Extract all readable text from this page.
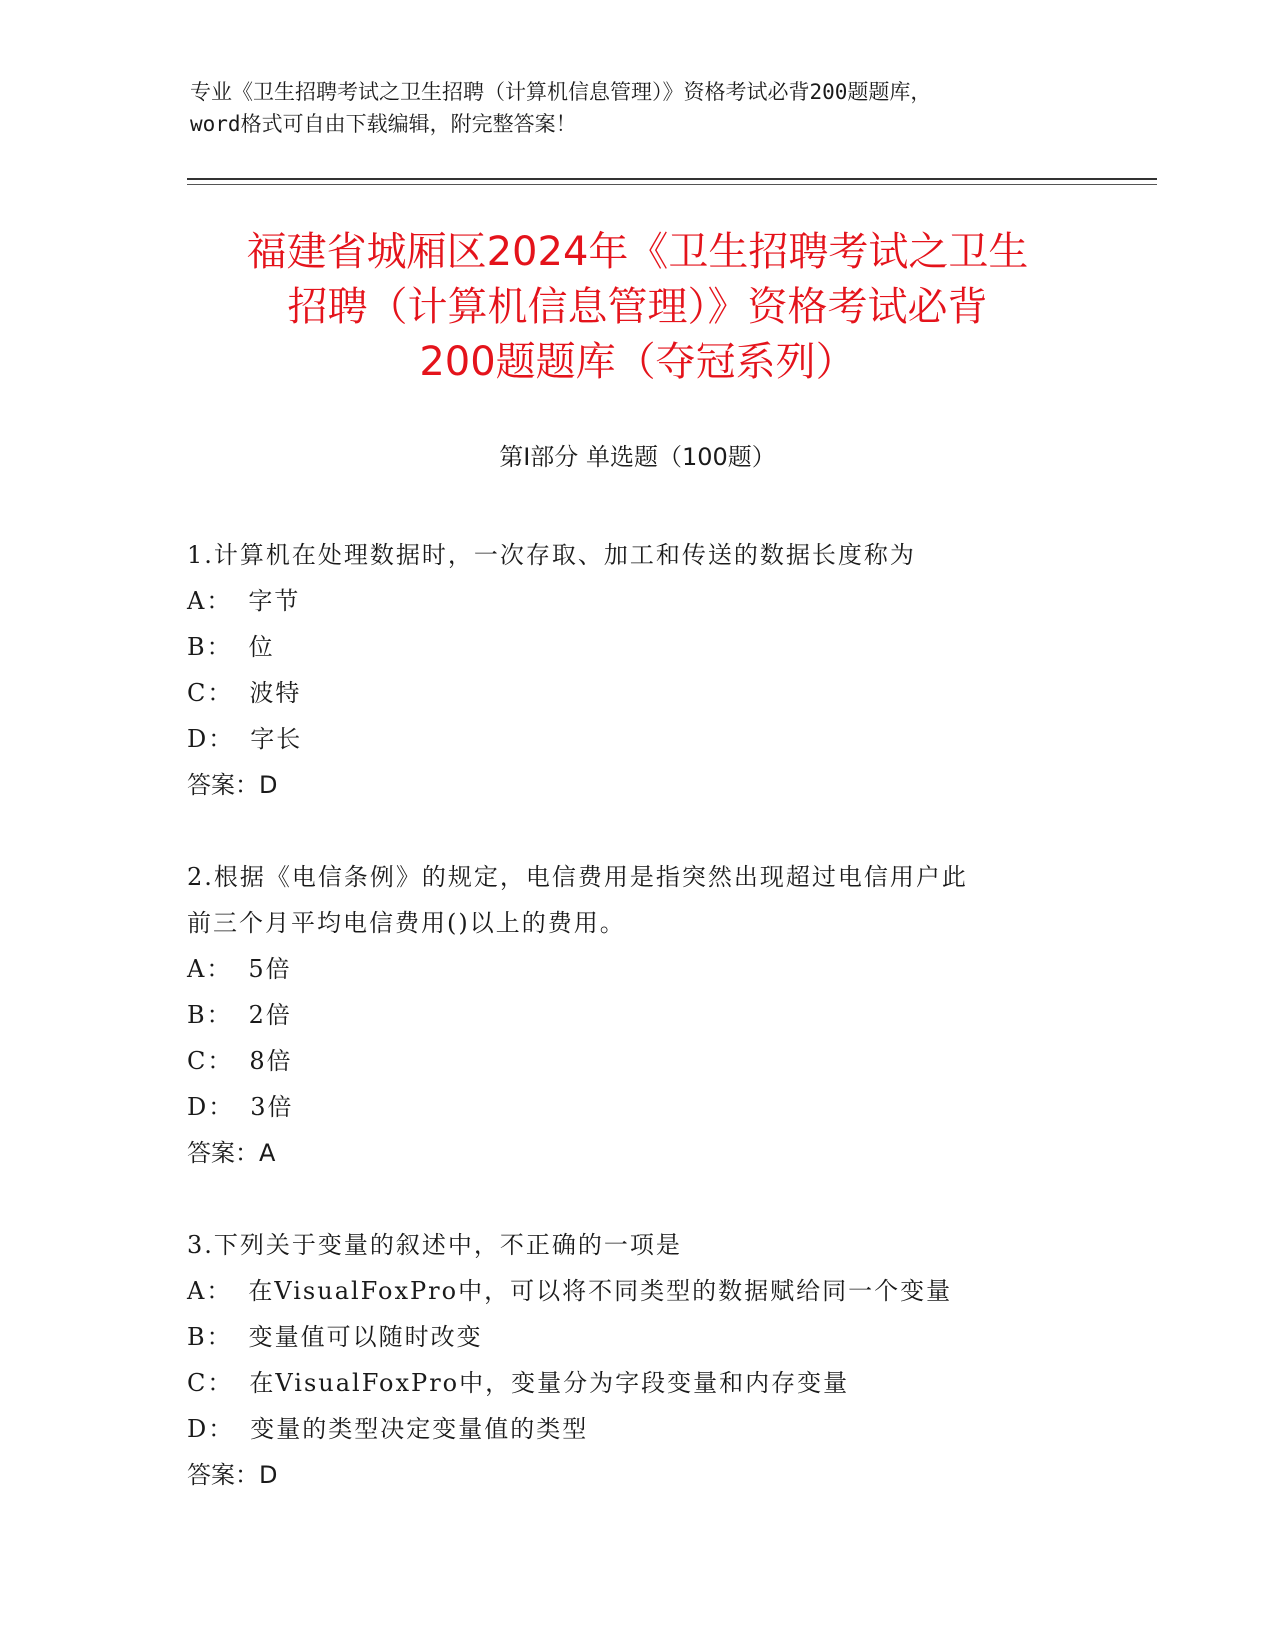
专业《卫生招聘考试之卫生招聘（计算机信息管理）》资格考试必背200题题库，
word格式可自由下载编辑，附完整答案！
福建省城厢区2024年《卫生招聘考试之卫生
招聘（计算机信息管理）》资格考试必背
200题题库（夺冠系列）
第Ⅰ部分 单选题（100题）
1.计算机在处理数据时，一次存取、加工和传送的数据长度称为
A： 字节
B： 位
C： 波特
D： 字长
答案：D
2.根据《电信条例》的规定，电信费用是指突然出现超过电信用户此
前三个月平均电信费用()以上的费用。
A： 5倍
B： 2倍
C： 8倍
D： 3倍
答案：A
3.下列关于变量的叙述中，不正确的一项是
A： 在VisualFoxPro中，可以将不同类型的数据赋给同一个变量
B： 变量值可以随时改变
C： 在VisualFoxPro中，变量分为字段变量和内存变量
D： 变量的类型决定变量值的类型
答案：D
